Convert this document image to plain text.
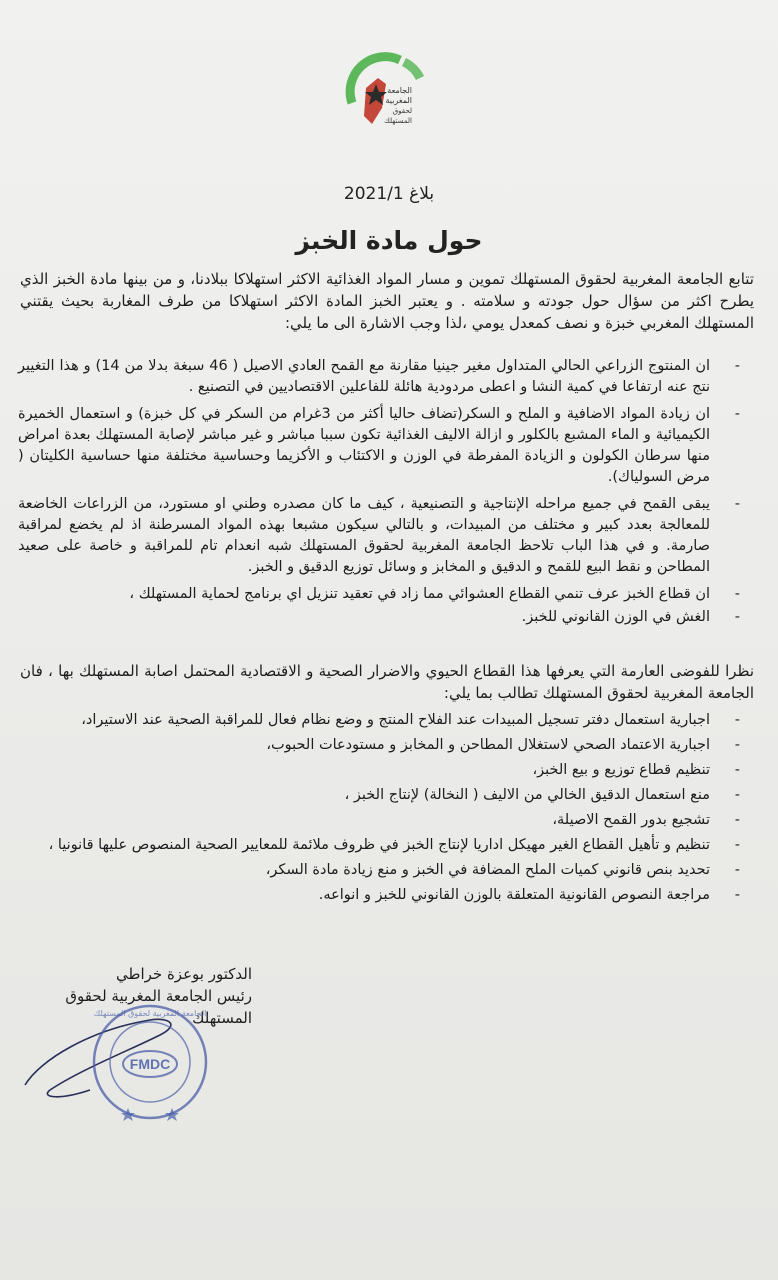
الجامعة
المغربية
لحقوق المستهلك
بلاغ 2021/1
حول مادة الخبز
تتابع الجامعة المغربية لحقوق المستهلك تموين و مسار المواد الغذائية الاكثر استهلاكا ببلادنا، و من بينها مادة الخبز الذي يطرح اكثر من سؤال حول جودته و سلامته . و يعتبر الخبز المادة الاكثر استهلاكا من طرف المغاربة بحيث يقتني المستهلك المغربي خبزة و نصف كمعدل يومي ،لذا وجب الاشارة الى ما يلي:
- ان المنتوج الزراعي الحالي المتداول مغير جينيا مقارنة مع القمح العادي الاصيل ( 46 سبغة بدلا من 14) و هذا التغيير نتج عنه ارتفاعا في كمية النشا و اعطى مردودية هائلة للفاعلين الاقتصاديين في التصنيع .
- ان زيادة المواد الاضافية و الملح و السكر(تضاف حاليا أكثر من 3غرام من السكر في كل خبزة) و استعمال الخميرة الكيميائية و الماء المشبع بالكلور و ازالة الاليف الغذائية تكون سببا مباشر و غير مباشر لإصابة المستهلك بعدة امراض منها سرطان الكولون و الزيادة المفرطة في الوزن و الاكتئاب و الأكزيما وحساسية مختلفة منها حساسية الكليتان ( مرض السولياك).
- يبقى القمح في جميع مراحله الإنتاجية و التصنيعية ، كيف ما كان مصدره وطني او مستورد، من الزراعات الخاضعة للمعالجة بعدد كبير و مختلف من المبيدات، و بالتالي سيكون مشبعا بهذه المواد المسرطنة اذ لم يخضع لمراقبة صارمة. و في هذا الباب تلاحظ الجامعة المغربية لحقوق المستهلك شبه انعدام تام للمراقبة و خاصة على صعيد المطاحن و نقط البيع للقمح و الدقيق و المخابز و وسائل توزيع الدقيق و الخبز.
- ان قطاع الخبز عرف تنمي القطاع العشوائي مما زاد في تعقيد تنزيل اي برنامج لحماية المستهلك ،
- الغش في الوزن القانوني للخبز.
نظرا للفوضى العارمة التي يعرفها هذا القطاع الحيوي والاضرار الصحية و الاقتصادية المحتمل اصابة المستهلك بها ، فان الجامعة المغربية لحقوق المستهلك تطالب بما يلي:
- اجبارية استعمال دفتر تسجيل المبيدات عند الفلاح المنتج و وضع نظام فعال للمراقبة الصحية عند الاستيراد،
- اجبارية الاعتماد الصحي لاستغلال المطاحن و المخابز و مستودعات الحبوب،
- تنظيم قطاع توزيع و بيع الخبز،
- منع استعمال الدقيق الخالي من الاليف ( النخالة) لإنتاج الخبز ،
- تشجيع بدور القمح الاصيلة،
- تنظيم و تأهيل القطاع الغير مهيكل اداريا لإنتاج الخبز في ظروف ملائمة للمعايير الصحية المنصوص عليها قانونيا ،
- تحديد بنص قانوني كميات الملح المضافة في الخبز و منع زيادة مادة السكر،
- مراجعة النصوص القانونية المتعلقة بالوزن القانوني للخبز و انواعه.
الدكتور بوعزة خراطي
رئيس الجامعة المغربية لحقوق المستهلك
FMDC
الجامعة المغربية لحقوق المستهلك
